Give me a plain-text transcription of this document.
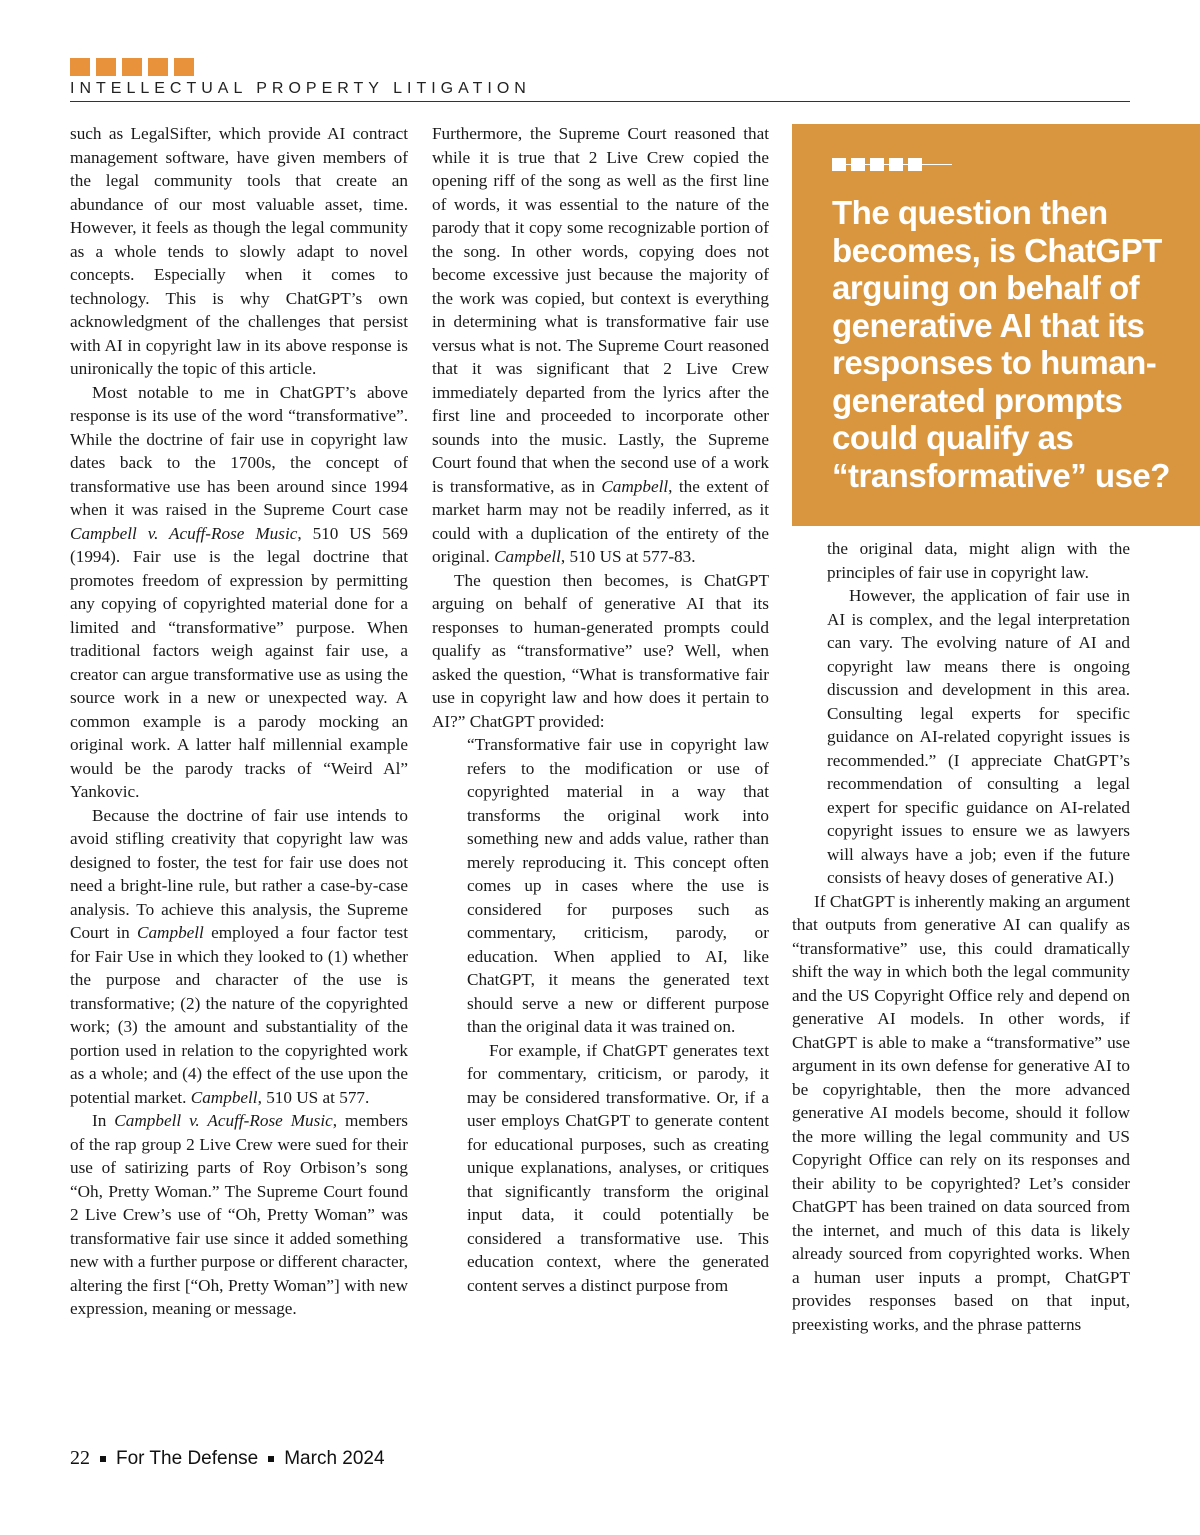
INTELLECTUAL PROPERTY LITIGATION

such as LegalSifter, which provide AI contract management software, have given members of the legal community tools that create an abundance of our most valuable asset, time. However, it feels as though the legal community as a whole tends to slowly adapt to novel concepts. Especially when it comes to technology. This is why ChatGPT’s own acknowledgment of the challenges that persist with AI in copyright law in its above response is unironically the topic of this article.

Most notable to me in ChatGPT’s above response is its use of the word “transformative”. While the doctrine of fair use in copyright law dates back to the 1700s, the concept of transformative use has been around since 1994 when it was raised in the Supreme Court case Campbell v. Acuff-Rose Music, 510 US 569 (1994). Fair use is the legal doctrine that promotes freedom of expression by permitting any copying of copyrighted material done for a limited and “transformative” purpose. When traditional factors weigh against fair use, a creator can argue transformative use as using the source work in a new or unexpected way. A common example is a parody mocking an original work. A latter half millennial example would be the parody tracks of “Weird Al” Yankovic.

Because the doctrine of fair use intends to avoid stifling creativity that copyright law was designed to foster, the test for fair use does not need a bright-line rule, but rather a case-by-case analysis. To achieve this analysis, the Supreme Court in Campbell employed a four factor test for Fair Use in which they looked to (1) whether the purpose and character of the use is transformative; (2) the nature of the copyrighted work; (3) the amount and substantiality of the portion used in relation to the copyrighted work as a whole; and (4) the effect of the use upon the potential market. Campbell, 510 US at 577.

In Campbell v. Acuff-Rose Music, members of the rap group 2 Live Crew were sued for their use of satirizing parts of Roy Orbison’s song “Oh, Pretty Woman.” The Supreme Court found 2 Live Crew’s use of “Oh, Pretty Woman” was transformative fair use since it added something new with a further purpose or different character, altering the first [“Oh, Pretty Woman”] with new expression, meaning or message.

Furthermore, the Supreme Court reasoned that while it is true that 2 Live Crew copied the opening riff of the song as well as the first line of words, it was essential to the nature of the parody that it copy some recognizable portion of the song. In other words, copying does not become excessive just because the majority of the work was copied, but context is everything in determining what is transformative fair use versus what is not. The Supreme Court reasoned that it was significant that 2 Live Crew immediately departed from the lyrics after the first line and proceeded to incorporate other sounds into the music. Lastly, the Supreme Court found that when the second use of a work is transformative, as in Campbell, the extent of market harm may not be readily inferred, as it could with a duplication of the entirety of the original. Campbell, 510 US at 577-83.

The question then becomes, is ChatGPT arguing on behalf of generative AI that its responses to human-generated prompts could qualify as “transformative” use? Well, when asked the question, “What is transformative fair use in copyright law and how does it pertain to AI?” ChatGPT provided:

“Transformative fair use in copyright law refers to the modification or use of copyrighted material in a way that transforms the original work into something new and adds value, rather than merely reproducing it. This concept often comes up in cases where the use is considered for purposes such as commentary, criticism, parody, or education. When applied to AI, like ChatGPT, it means the generated text should serve a new or different purpose than the original data it was trained on.

For example, if ChatGPT generates text for commentary, criticism, or parody, it may be considered transformative. Or, if a user employs ChatGPT to generate content for educational purposes, such as creating unique explanations, analyses, or critiques that significantly transform the original input data, it could potentially be considered a transformative use. This education context, where the generated content serves a distinct purpose from

The question then becomes, is ChatGPT arguing on behalf of generative AI that its responses to human-generated prompts could qualify as “transformative” use?

the original data, might align with the principles of fair use in copyright law.

However, the application of fair use in AI is complex, and the legal interpretation can vary. The evolving nature of AI and copyright law means there is ongoing discussion and development in this area. Consulting legal experts for specific guidance on AI-related copyright issues is recommended.” (I appreciate ChatGPT’s recommendation of consulting a legal expert for specific guidance on AI-related copyright issues to ensure we as lawyers will always have a job; even if the future consists of heavy doses of generative AI.)

If ChatGPT is inherently making an argument that outputs from generative AI can qualify as “transformative” use, this could dramatically shift the way in which both the legal community and the US Copyright Office rely and depend on generative AI models. In other words, if ChatGPT is able to make a “transformative” use argument in its own defense for generative AI to be copyrightable, then the more advanced generative AI models become, should it follow the more willing the legal community and US Copyright Office can rely on its responses and their ability to be copyrighted? Let’s consider ChatGPT has been trained on data sourced from the internet, and much of this data is likely already sourced from copyrighted works. When a human user inputs a prompt, ChatGPT provides responses based on that input, preexisting works, and the phrase patterns

22 For The Defense March 2024
